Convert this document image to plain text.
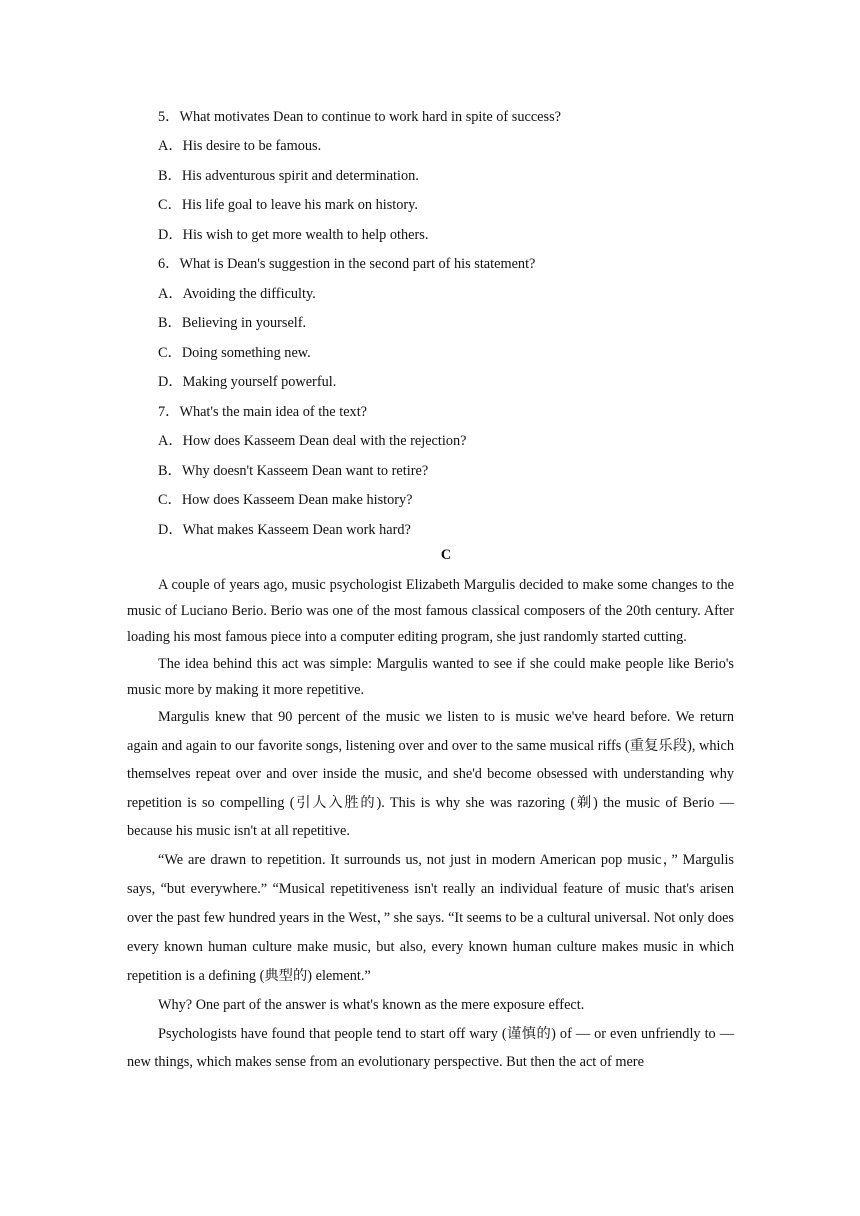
5．What motivates Dean to continue to work hard in spite of success?
A．His desire to be famous.
B．His adventurous spirit and determination.
C．His life goal to leave his mark on history.
D．His wish to get more wealth to help others.
6．What is Dean's suggestion in the second part of his statement?
A．Avoiding the difficulty.
B．Believing in yourself.
C．Doing something new.
D．Making yourself powerful.
7．What's the main idea of the text?
A．How does Kasseem Dean deal with the rejection?
B．Why doesn't Kasseem Dean want to retire?
C．How does Kasseem Dean make history?
D．What makes Kasseem Dean work hard?
C

A couple of years ago, music psychologist Elizabeth Margulis decided to make some changes to the music of Luciano Berio. Berio was one of the most famous classical composers of the 20th century. After loading his most famous piece into a computer editing program, she just randomly started cutting.

The idea behind this act was simple: Margulis wanted to see if she could make people like Berio's music more by making it more repetitive.

Margulis knew that 90 percent of the music we listen to is music we've heard before. We return again and again to our favorite songs, listening over and over to the same musical riffs (重复乐段), which themselves repeat over and over inside the music, and she'd become obsessed with understanding why repetition is so compelling (引人入胜的). This is why she was razoring (剃) the music of Berio — because his music isn't at all repetitive.

“We are drawn to repetition. It surrounds us, not just in modern American pop music，” Margulis says, “but everywhere.” “Musical repetitiveness isn't really an individual feature of music that's arisen over the past few hundred years in the West，” she says. “It seems to be a cultural universal. Not only does every known human culture make music, but also, every known human culture makes music in which repetition is a defining (典型的) element.”

Why? One part of the answer is what's known as the mere exposure effect.

Psychologists have found that people tend to start off wary (谨慎的) of — or even unfriendly to — new things, which makes sense from an evolutionary perspective. But then the act of mere
